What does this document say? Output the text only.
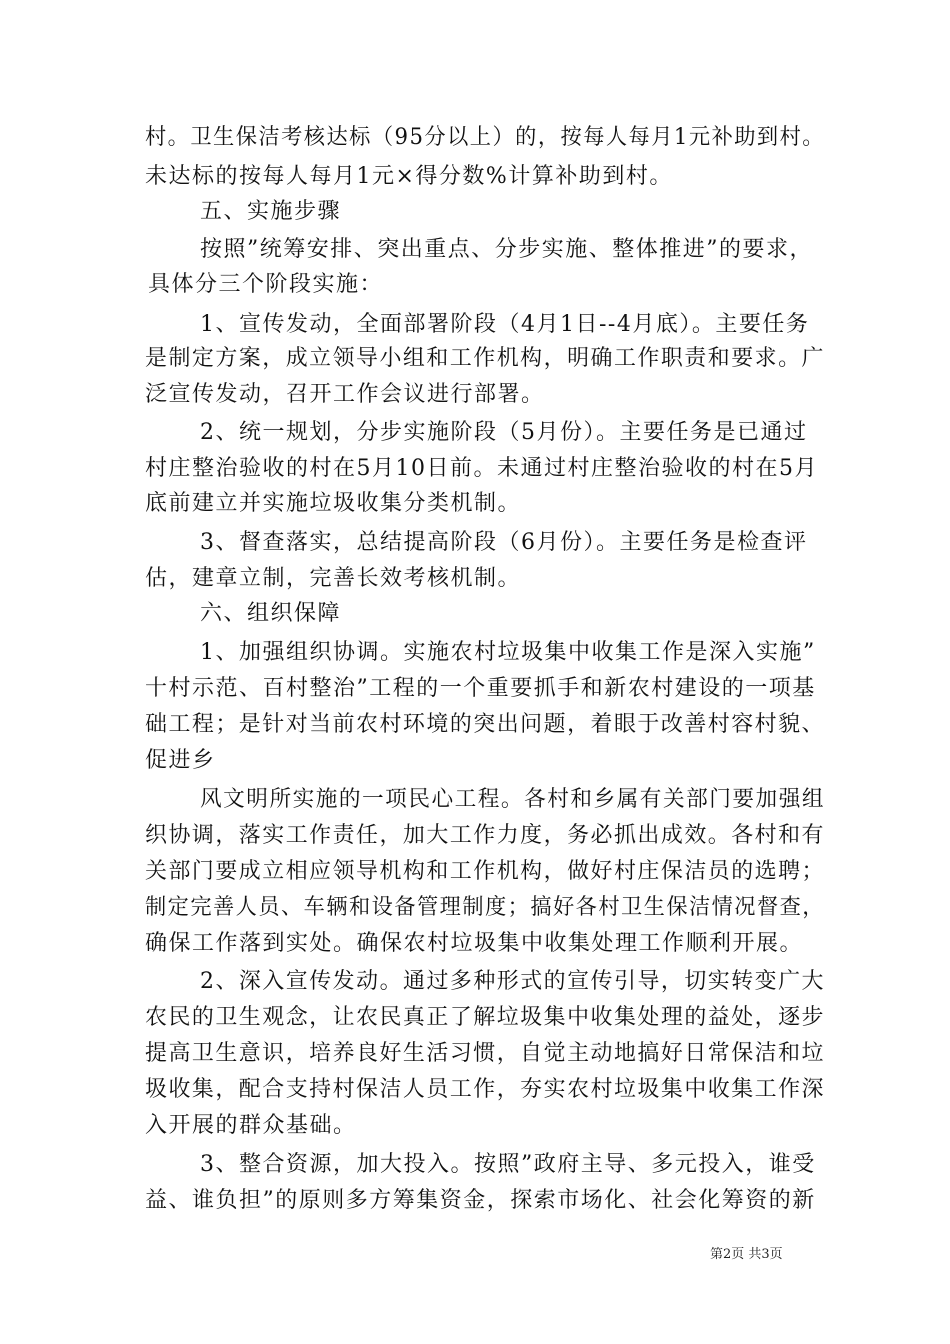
村。卫生保洁考核达标（95分以上）的，按每人每月1元补助到村。
未达标的按每人每月1元×得分数%计算补助到村。
五、实施步骤
按照”统筹安排、突出重点、分步实施、整体推进”的要求，
具体分三个阶段实施：
1、宣传发动，全面部署阶段（4月1日--4月底）。主要任务
是制定方案，成立领导小组和工作机构，明确工作职责和要求。广
泛宣传发动，召开工作会议进行部署。
2、统一规划，分步实施阶段（5月份）。主要任务是已通过
村庄整治验收的村在5月10日前。未通过村庄整治验收的村在5月
底前建立并实施垃圾收集分类机制。
3、督查落实，总结提高阶段（6月份）。主要任务是检查评
估，建章立制，完善长效考核机制。
六、组织保障
1、加强组织协调。实施农村垃圾集中收集工作是深入实施”
十村示范、百村整治”工程的一个重要抓手和新农村建设的一项基
础工程；是针对当前农村环境的突出问题，着眼于改善村容村貌、
促进乡
风文明所实施的一项民心工程。各村和乡属有关部门要加强组
织协调，落实工作责任，加大工作力度，务必抓出成效。各村和有
关部门要成立相应领导机构和工作机构，做好村庄保洁员的选聘；
制定完善人员、车辆和设备管理制度；搞好各村卫生保洁情况督查，
确保工作落到实处。确保农村垃圾集中收集处理工作顺利开展。
2、深入宣传发动。通过多种形式的宣传引导，切实转变广大
农民的卫生观念，让农民真正了解垃圾集中收集处理的益处，逐步
提高卫生意识，培养良好生活习惯，自觉主动地搞好日常保洁和垃
圾收集，配合支持村保洁人员工作，夯实农村垃圾集中收集工作深
入开展的群众基础。
3、整合资源，加大投入。按照”政府主导、多元投入，谁受
益、谁负担”的原则多方筹集资金，探索市场化、社会化筹资的新
第2页 共3页
